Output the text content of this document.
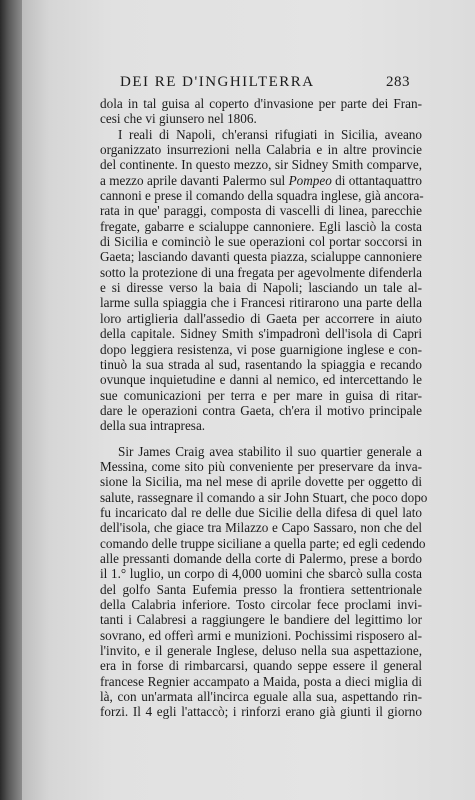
DEI RE D'INGHILTERRA	283
dola in tal guisa al coperto d'invasione per parte dei Fran-
cesi che vi giunsero nel 1806.
I reali di Napoli, ch'eransi rifugiati in Sicilia, aveano
organizzato insurrezioni nella Calabria e in altre provincie
del continente. In questo mezzo, sir Sidney Smith comparve,
a mezzo aprile davanti Palermo sul Pompeo di ottantaquattro
cannoni e prese il comando della squadra inglese, già ancora-
rata in que' paraggi, composta di vascelli di linea, parecchie
fregate, gabarre e scialuppe cannoniere. Egli lasciò la costa
di Sicilia e cominciò le sue operazioni col portar soccorsi in
Gaeta; lasciando davanti questa piazza, scialuppe cannoniere
sotto la protezione di una fregata per agevolmente difenderla
e si diresse verso la baia di Napoli; lasciando un tale al-
larme sulla spiaggia che i Francesi ritirarono una parte della
loro artiglieria dall'assedio di Gaeta per accorrere in aiuto
della capitale. Sidney Smith s'impadronì dell'isola di Capri
dopo leggiera resistenza, vi pose guarnigione inglese e con-
tinuò la sua strada al sud, rasentando la spiaggia e recando
ovunque inquietudine e danni al nemico, ed intercettando le
sue comunicazioni per terra e per mare in guisa di ritar-
dare le operazioni contra Gaeta, ch'era il motivo principale
della sua intrapresa.
Sir James Craig avea stabilito il suo quartier generale a
Messina, come sito più conveniente per preservare da inva-
sione la Sicilia, ma nel mese di aprile dovette per oggetto di
salute, rassegnare il comando a sir John Stuart, che poco dopo
fu incaricato dal re delle due Sicilie della difesa di quel lato
dell'isola, che giace tra Milazzo e Capo Sassaro, non che del
comando delle truppe siciliane a quella parte; ed egli cedendo
alle pressanti domande della corte di Palermo, prese a bordo
il 1.° luglio, un corpo di 4,000 uomini che sbarcò sulla costa
del golfo Santa Eufemia presso la frontiera settentrionale
della Calabria inferiore. Tosto circolar fece proclami invi-
tanti i Calabresi a raggiungere le bandiere del legittimo lor
sovrano, ed offerì armi e munizioni. Pochissimi risposero al-
l'invito, e il generale Inglese, deluso nella sua aspettazione,
era in forse di rimbarcarsi, quando seppe essere il general
francese Regnier accampato a Maida, posta a dieci miglia di
là, con un'armata all'incirca eguale alla sua, aspettando rin-
forzi. Il 4 egli l'attaccò; i rinforzi erano già giunti il giorno
